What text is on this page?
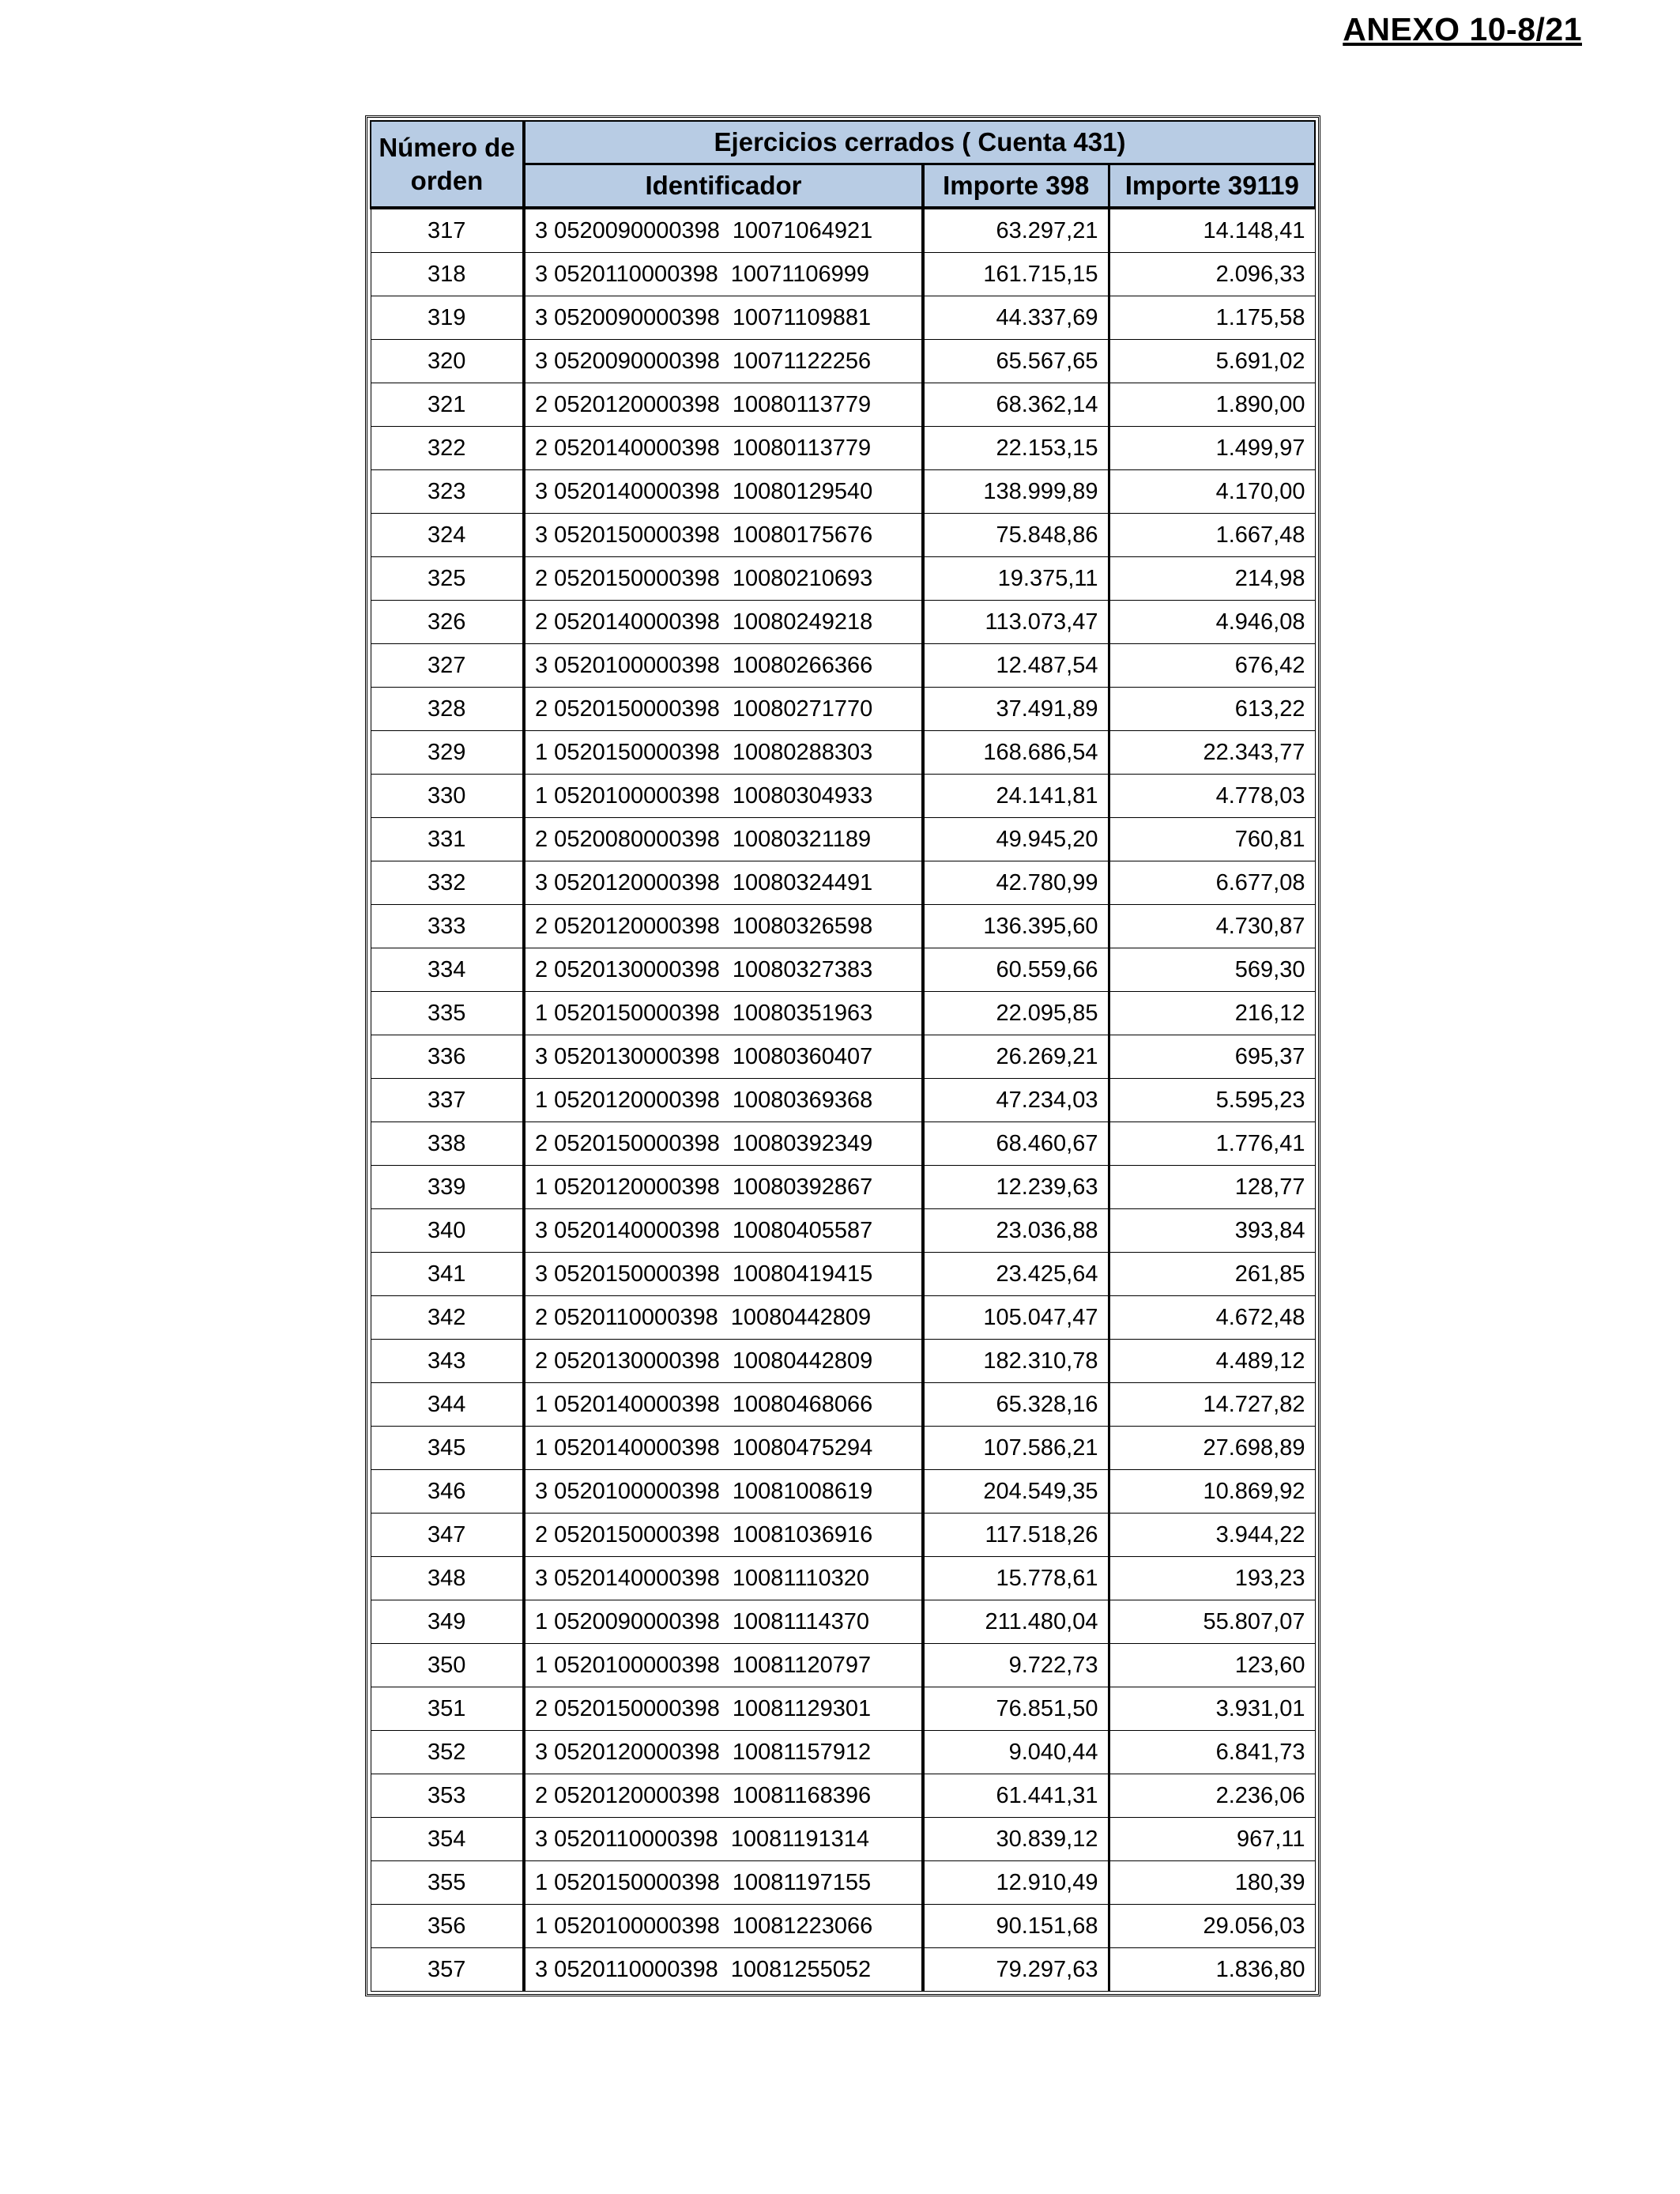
ANEXO 10-8/21
Número de orden	Ejercicios cerrados ( Cuenta 431)		
	Identificador	Importe 398	Importe 39119
317	3 0520090000398 10071064921	63.297,21	14.148,41
318	3 0520110000398 10071106999	161.715,15	2.096,33
319	3 0520090000398 10071109881	44.337,69	1.175,58
320	3 0520090000398 10071122256	65.567,65	5.691,02
321	2 0520120000398 10080113779	68.362,14	1.890,00
322	2 0520140000398 10080113779	22.153,15	1.499,97
323	3 0520140000398 10080129540	138.999,89	4.170,00
324	3 0520150000398 10080175676	75.848,86	1.667,48
325	2 0520150000398 10080210693	19.375,11	214,98
326	2 0520140000398 10080249218	113.073,47	4.946,08
327	3 0520100000398 10080266366	12.487,54	676,42
328	2 0520150000398 10080271770	37.491,89	613,22
329	1 0520150000398 10080288303	168.686,54	22.343,77
330	1 0520100000398 10080304933	24.141,81	4.778,03
331	2 0520080000398 10080321189	49.945,20	760,81
332	3 0520120000398 10080324491	42.780,99	6.677,08
333	2 0520120000398 10080326598	136.395,60	4.730,87
334	2 0520130000398 10080327383	60.559,66	569,30
335	1 0520150000398 10080351963	22.095,85	216,12
336	3 0520130000398 10080360407	26.269,21	695,37
337	1 0520120000398 10080369368	47.234,03	5.595,23
338	2 0520150000398 10080392349	68.460,67	1.776,41
339	1 0520120000398 10080392867	12.239,63	128,77
340	3 0520140000398 10080405587	23.036,88	393,84
341	3 0520150000398 10080419415	23.425,64	261,85
342	2 0520110000398 10080442809	105.047,47	4.672,48
343	2 0520130000398 10080442809	182.310,78	4.489,12
344	1 0520140000398 10080468066	65.328,16	14.727,82
345	1 0520140000398 10080475294	107.586,21	27.698,89
346	3 0520100000398 10081008619	204.549,35	10.869,92
347	2 0520150000398 10081036916	117.518,26	3.944,22
348	3 0520140000398 10081110320	15.778,61	193,23
349	1 0520090000398 10081114370	211.480,04	55.807,07
350	1 0520100000398 10081120797	9.722,73	123,60
351	2 0520150000398 10081129301	76.851,50	3.931,01
352	3 0520120000398 10081157912	9.040,44	6.841,73
353	2 0520120000398 10081168396	61.441,31	2.236,06
354	3 0520110000398 10081191314	30.839,12	967,11
355	1 0520150000398 10081197155	12.910,49	180,39
356	1 0520100000398 10081223066	90.151,68	29.056,03
357	3 0520110000398 10081255052	79.297,63	1.836,80
